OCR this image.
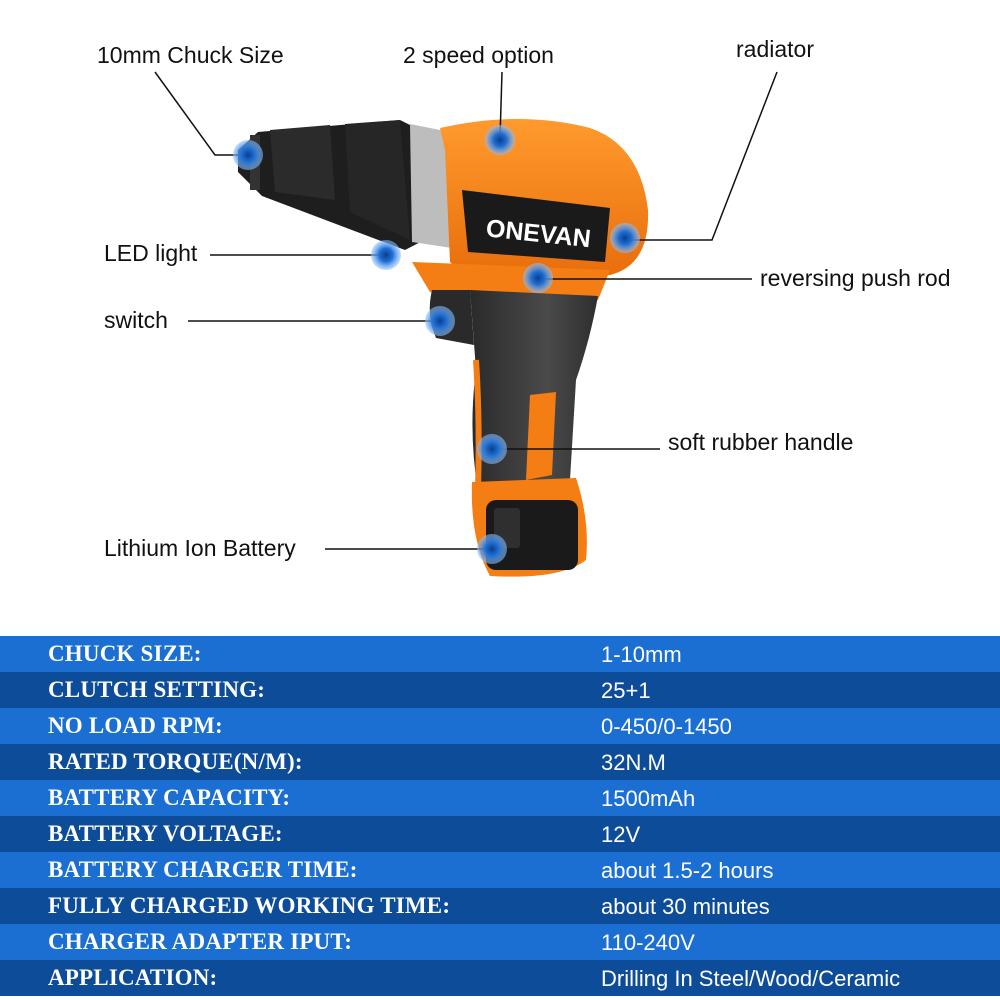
ONEVAN
10mm Chuck Size	2 speed option	radiator
LED light
reversing push rod
switch
soft rubber handle
Lithium Ion Battery
CHUCK SIZE:	1-10mm
CLUTCH SETTING:	25+1
NO LOAD RPM:	0-450/0-1450
RATED TORQUE(N/M):	32N.M
BATTERY CAPACITY:	1500mAh
BATTERY VOLTAGE:	12V
BATTERY CHARGER TIME:	about 1.5-2 hours
FULLY CHARGED WORKING TIME:	about 30 minutes
CHARGER ADAPTER IPUT:	110-240V
APPLICATION:	Drilling In Steel/Wood/Ceramic
